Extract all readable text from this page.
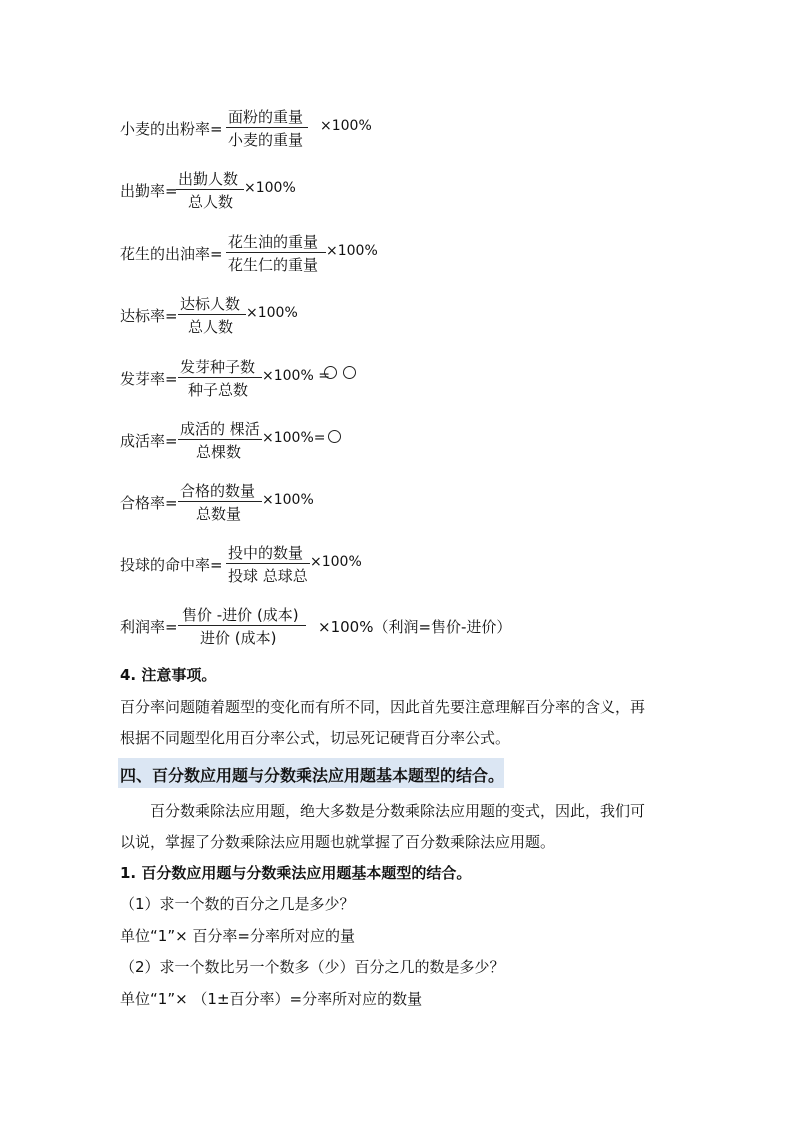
小麦的出粉率=
面粉的重量
小麦的重量
×100%
出勤率=
出勤人数
总人数
×100%
花生的出油率=
花生油的重量
花生仁的重量
×100%
达标率=
达标人数
总人数
×100%
发芽率=
发芽种子数
种子总数
×100% =
成活率=
成活的 棵活
总棵数
×100%=
合格率=
合格的数量
总数量
×100%
投球的命中率=
投中的数量
投球 总球总
×100%
利润率=
售价 -进价 (成本)
进价 (成本)
×100%（利润=售价-进价）
4. 注意事项。
百分率问题随着题型的变化而有所不同，因此首先要注意理解百分率的含义，再
根据不同题型化用百分率公式，切忌死记硬背百分率公式。
四、百分数应用题与分数乘法应用题基本题型的结合。
百分数乘除法应用题，绝大多数是分数乘除法应用题的变式，因此，我们可
以说，掌握了分数乘除法应用题也就掌握了百分数乘除法应用题。
1. 百分数应用题与分数乘法应用题基本题型的结合。
（1）求一个数的百分之几是多少？
单位“1”× 百分率=分率所对应的量
（2）求一个数比另一个数多（少）百分之几的数是多少？
单位“1”× （1±百分率）=分率所对应的数量
